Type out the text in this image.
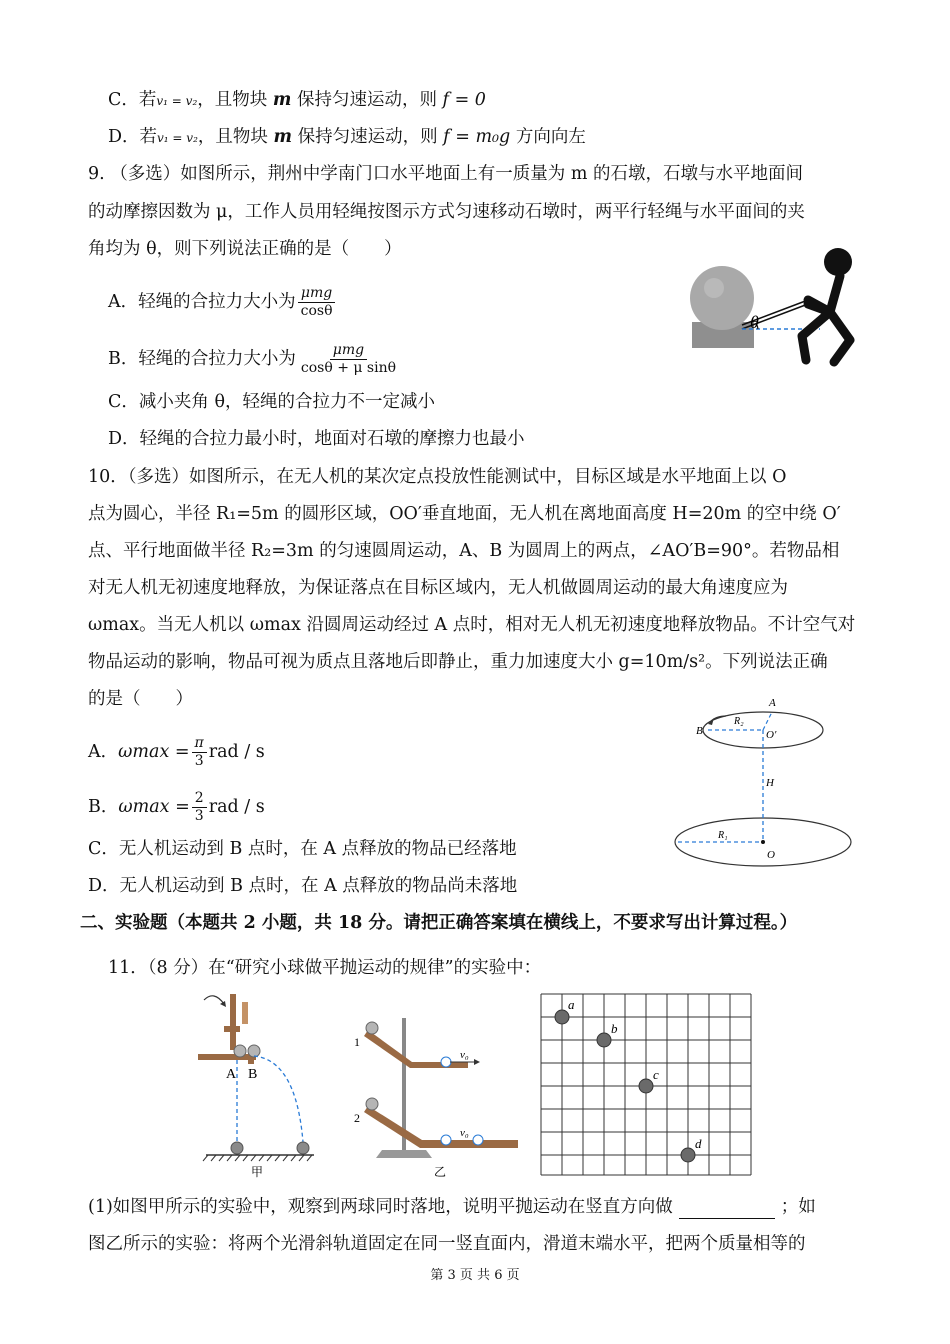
C．若v₁ = v₂，且物块 m 保持匀速运动，则 f = 0
D．若v₁ = v₂，且物块 m 保持匀速运动，则 f = m₀g 方向向左
9. （多选）如图所示，荆州中学南门口水平地面上有一质量为 m 的石墩，石墩与水平地面间
的动摩擦因数为 μ，工作人员用轻绳按图示方式匀速移动石墩时，两平行轻绳与水平面间的夹
角均为 θ，则下列说法正确的是（　　）
A．轻绳的合拉力大小为 $\frac{\text{μmg}}{\cos\theta}$
B．轻绳的合拉力大小为 $\frac{\text{μmg}}{\text{cosθ + μ sinθ}}$
C．减小夹角 θ，轻绳的合拉力不一定减小
D．轻绳的合拉力最小时，地面对石墩的摩擦力也最小
θ
10．（多选）如图所示，在无人机的某次定点投放性能测试中，目标区域是水平地面上以 O
点为圆心，半径 R₁=5m 的圆形区域，OO′垂直地面，无人机在离地面高度 H=20m 的空中绕 O′
点、平行地面做半径 R₂=3m 的匀速圆周运动，A、B 为圆周上的两点，∠AO′B=90°。若物品相
对无人机无初速度地释放，为保证落点在目标区域内，无人机做圆周运动的最大角速度应为
ωmax。当无人机以 ωmax 沿圆周运动经过 A 点时，相对无人机无初速度地释放物品。不计空气对
物品运动的影响，物品可视为质点且落地后即静止，重力加速度大小 g=10m/s²。下列说法正确
的是（　　）
A．$\omega\max = \frac{\pi}{3}$ rad / s
B．$\omega\max = \frac{2}{3}$ rad / s
C．无人机运动到 B 点时，在 A 点释放的物品已经落地
D．无人机运动到 B 点时，在 A 点释放的物品尚未落地
A
B
R₂
O′
H
R₁
O
二、实验题（本题共 2 小题，共 18 分。请把正确答案填在横线上，不要求写出计算过程。）
11．（8 分）在“研究小球做平抛运动的规律”的实验中：
A B
甲
v₀
1
v₀
2
乙
a
b
c
d
(1)如图甲所示的实验中，观察到两球同时落地，说明平抛运动在竖直方向做	；如
图乙所示的实验：将两个光滑斜轨道固定在同一竖直面内，滑道末端水平，把两个质量相等的
第 3 页 共 6 页
